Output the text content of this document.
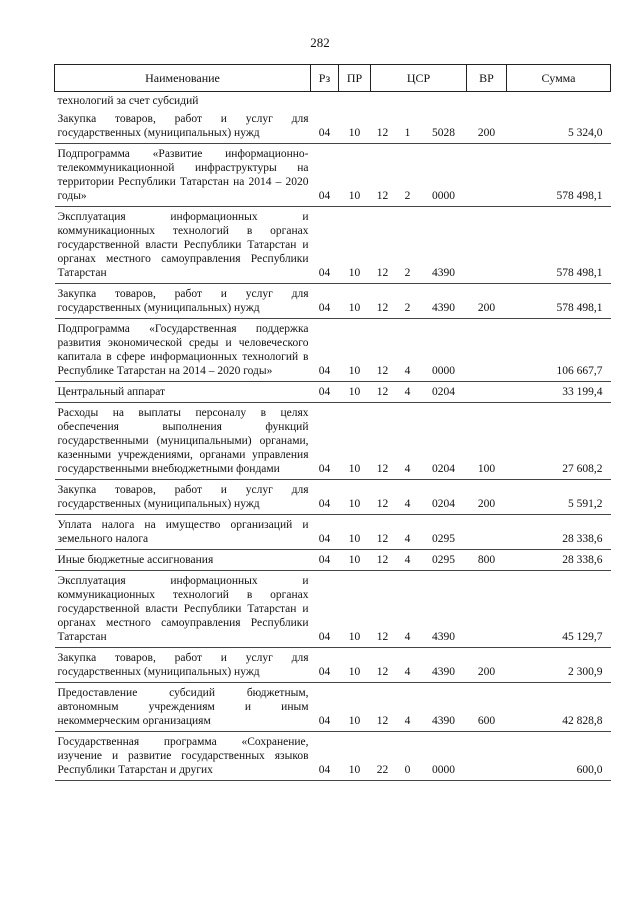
282
Наименование	Рз	ПР	ЦСР			ВР	Сумма
технологий за счет субсидий							
Закупка товаров, работ и услуг для государственных (муниципальных) нужд	04	10	12	1	5028	200	5 324,0
Подпрограмма «Развитие информационно-телекоммуникационной инфраструктуры на территории Республики Татарстан на 2014 – 2020 годы»	04	10	12	2	0000		578 498,1
Эксплуатация информационных и коммуникационных технологий в органах государственной власти Республики Татарстан и органах местного самоуправления Республики Татарстан	04	10	12	2	4390		578 498,1
Закупка товаров, работ и услуг для государственных (муниципальных) нужд	04	10	12	2	4390	200	578 498,1
Подпрограмма «Государственная поддержка развития экономической среды и человеческого капитала в сфере информационных технологий в Республике Татарстан на 2014 – 2020 годы»	04	10	12	4	0000		106 667,7
Центральный аппарат	04	10	12	4	0204		33 199,4
Расходы на выплаты персоналу в целях обеспечения выполнения функций государственными (муниципальными) органами, казенными учреждениями, органами управления государственными внебюджетными фондами	04	10	12	4	0204	100	27 608,2
Закупка товаров, работ и услуг для государственных (муниципальных) нужд	04	10	12	4	0204	200	5 591,2
Уплата налога на имущество организаций и земельного налога	04	10	12	4	0295		28 338,6
Иные бюджетные ассигнования	04	10	12	4	0295	800	28 338,6
Эксплуатация информационных и коммуникационных технологий в органах государственной власти Республики Татарстан и органах местного самоуправления Республики Татарстан	04	10	12	4	4390		45 129,7
Закупка товаров, работ и услуг для государственных (муниципальных) нужд	04	10	12	4	4390	200	2 300,9
Предоставление субсидий бюджетным, автономным учреждениям и иным некоммерческим организациям	04	10	12	4	4390	600	42 828,8
Государственная программа «Сохранение, изучение и развитие государственных языков Республики Татарстан и других	04	10	22	0	0000		600,0
